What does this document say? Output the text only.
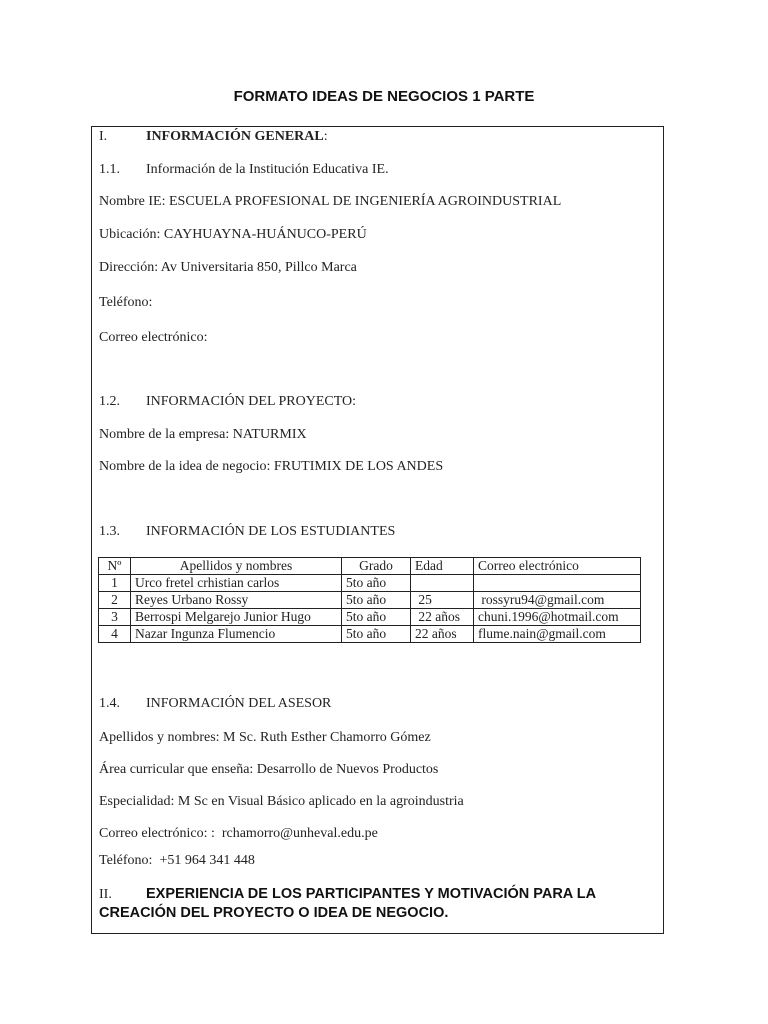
FORMATO IDEAS DE NEGOCIOS 1 PARTE
I.	INFORMACIÓN GENERAL:
1.1. Información de la Institución Educativa IE.
Nombre IE: ESCUELA PROFESIONAL DE INGENIERÍA AGROINDUSTRIAL
Ubicación: CAYHUAYNA-HUÁNUCO-PERÚ
Dirección: Av Universitaria 850, Pillco Marca
Teléfono:
Correo electrónico:
1.2. INFORMACIÓN DEL PROYECTO:
Nombre de la empresa: NATURMIX
Nombre de la idea de negocio: FRUTIMIX DE LOS ANDES
1.3. INFORMACIÓN DE LOS ESTUDIANTES
Nº	Apellidos y nombres	Grado	Edad	Correo electrónico
1	Urco fretel crhistian carlos	5to año		
2	Reyes Urbano Rossy	5to año	25	rossyru94@gmail.com
3	Berrospi Melgarejo Junior Hugo	5to año	22 años	chuni.1996@hotmail.com
4	Nazar Ingunza Flumencio	5to año	22 años	flume.nain@gmail.com
1.4. INFORMACIÓN DEL ASESOR
Apellidos y nombres: M Sc. Ruth Esther Chamorro Gómez
Área curricular que enseña: Desarrollo de Nuevos Productos
Especialidad: M Sc en Visual Básico aplicado en la agroindustria
Correo electrónico: :  rchamorro@unheval.edu.pe
Teléfono:  +51 964 341 448
II. EXPERIENCIA DE LOS PARTICIPANTES Y MOTIVACIÓN PARA LA
CREACIÓN DEL PROYECTO O IDEA DE NEGOCIO.
